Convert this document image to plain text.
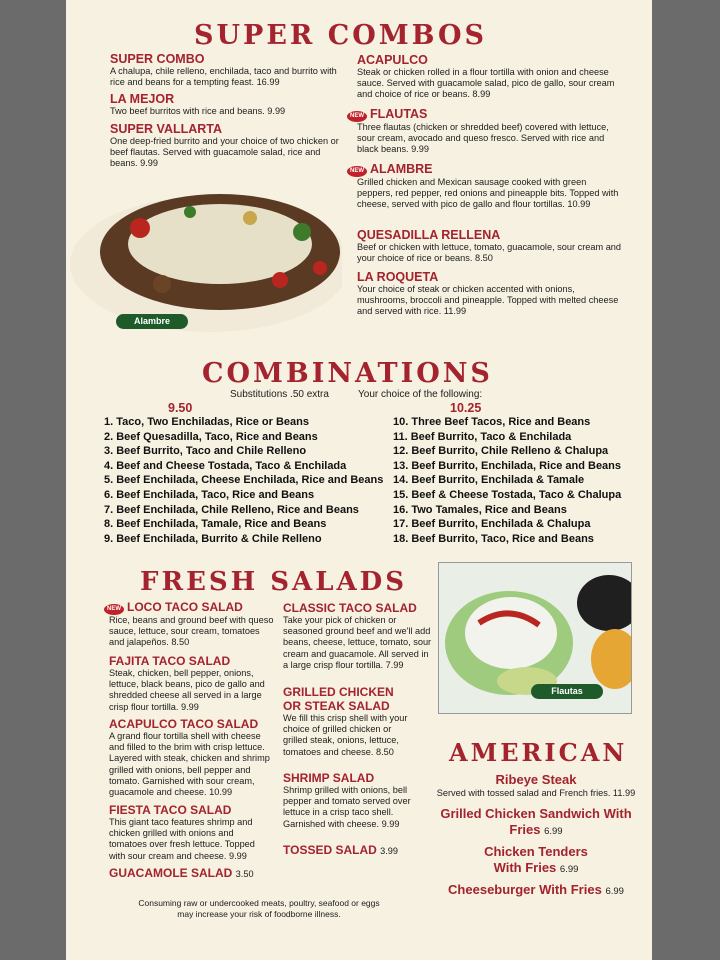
SUPER COMBOS
SUPER COMBO
A chalupa, chile relleno, enchilada, taco and burrito with rice and beans for a tempting feast. 16.99
LA MEJOR
Two beef burritos with rice and beans. 9.99
SUPER VALLARTA
One deep-fried burrito and your choice of two chicken or beef flautas. Served with guacamole salad, rice and beans. 9.99
Alambre
ACAPULCO
Steak or chicken rolled in a flour tortilla with onion and cheese sauce. Served with guacamole salad, pico de gallo, sour cream and choice of rice or beans. 8.99
NEW FLAUTAS
Three flautas (chicken or shredded beef) covered with lettuce, sour cream, avocado and queso fresco. Served with rice and black beans. 9.99
NEW ALAMBRE
Grilled chicken and Mexican sausage cooked with green peppers, red pepper, red onions and pineapple bits. Topped with cheese, served with pico de gallo and flour tortillas. 10.99
QUESADILLA RELLENA
Beef or chicken with lettuce, tomato, guacamole, sour cream and your choice of rice or beans. 8.50
LA ROQUETA
Your choice of steak or chicken accented with onions, mushrooms, broccoli and pineapple. Topped with melted cheese and served with rice. 11.99
COMBINATIONS
Substitutions .50 extra	Your choice of the following:
9.50	10.25
1. Taco, Two Enchiladas, Rice or Beans
2. Beef Quesadilla, Taco, Rice and Beans
3. Beef Burrito, Taco and Chile Relleno
4. Beef and Cheese Tostada, Taco & Enchilada
5. Beef Enchilada, Cheese Enchilada, Rice and Beans
6. Beef Enchilada, Taco, Rice and Beans
7. Beef Enchilada, Chile Relleno, Rice and Beans
8. Beef Enchilada, Tamale, Rice and Beans
9. Beef Enchilada, Burrito & Chile Relleno
10. Three Beef Tacos, Rice and Beans
11. Beef Burrito, Taco & Enchilada
12. Beef Burrito, Chile Relleno & Chalupa
13. Beef Burrito, Enchilada, Rice and Beans
14. Beef Burrito, Enchilada & Tamale
15. Beef & Cheese Tostada, Taco & Chalupa
16. Two Tamales, Rice and Beans
17. Beef Burrito, Enchilada & Chalupa
18. Beef Burrito, Taco, Rice and Beans
FRESH SALADS
NEW LOCO TACO SALAD
Rice, beans and ground beef with queso sauce, lettuce, sour cream, tomatoes and jalapeños. 8.50
FAJITA TACO SALAD
Steak, chicken, bell pepper, onions, lettuce, black beans, pico de gallo and shredded cheese all served in a large crisp flour tortilla. 9.99
ACAPULCO TACO SALAD
A grand flour tortilla shell with cheese and filled to the brim with crisp lettuce. Layered with steak, chicken and shrimp grilled with onions, bell pepper and tomato. Garnished with sour cream, guacamole and cheese. 10.99
FIESTA TACO SALAD
This giant taco features shrimp and chicken grilled with onions and tomatoes over fresh lettuce. Topped with sour cream and cheese. 9.99
GUACAMOLE SALAD 3.50
CLASSIC TACO SALAD
Take your pick of chicken or seasoned ground beef and we'll add beans, cheese, lettuce, tomato, sour cream and guacamole. All served in a large crisp flour tortilla. 7.99
GRILLED CHICKEN OR STEAK SALAD
We fill this crisp shell with your choice of grilled chicken or grilled steak, onions, lettuce, tomatoes and cheese. 8.50
SHRIMP SALAD
Shrimp grilled with onions, bell pepper and tomato served over lettuce in a crisp taco shell. Garnished with cheese. 9.99
TOSSED SALAD 3.99
Flautas
AMERICAN
Ribeye Steak
Served with tossed salad and French fries. 11.99
Grilled Chicken Sandwich With Fries 6.99
Chicken Tenders With Fries 6.99
Cheeseburger With Fries 6.99
Consuming raw or undercooked meats, poultry, seafood or eggs may increase your risk of foodborne illness.
